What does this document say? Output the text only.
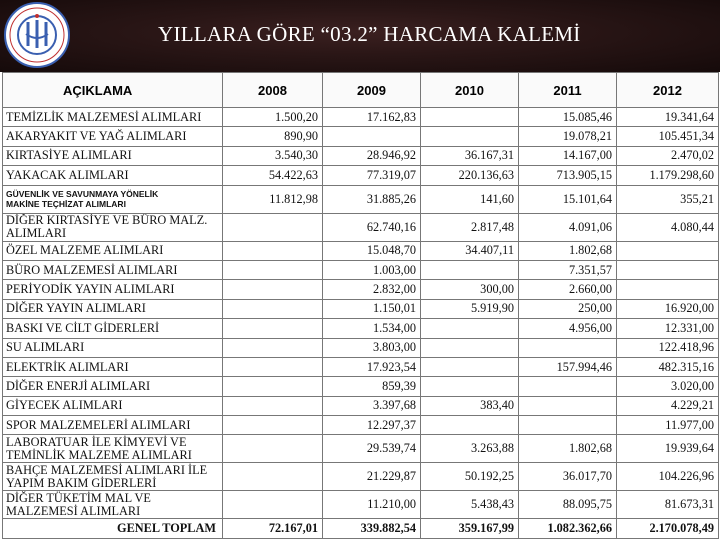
YILLARA GÖRE “03.2” HARCAMA KALEMİ
AÇIKLAMA	2008	2009	2010	2011	2012

TEMİZLİK MALZEMESİ ALIMLARI	1.500,20	17.162,83		15.085,46	19.341,64

AKARYAKIT VE YAĞ ALIMLARI	890,90			19.078,21	105.451,34

KIRTASİYE ALIMLARI	3.540,30	28.946,92	36.167,31	14.167,00	2.470,02

YAKACAK ALIMLARI	54.422,63	77.319,07	220.136,63	713.905,15	1.179.298,60

GÜVENLİK VE SAVUNMAYA YÖNELİK
MAKİNE TEÇHİZAT ALIMLARI	11.812,98	31.885,26	141,60	15.101,64	355,21

DİĞER KIRTASİYE VE BÜRO MALZ.
ALIMLARI		62.740,16	2.817,48	4.091,06	4.080,44

ÖZEL MALZEME ALIMLARI		15.048,70	34.407,11	1.802,68	

BÜRO MALZEMESİ ALIMLARI		1.003,00		7.351,57	

PERİYODİK YAYIN ALIMLARI		2.832,00	300,00	2.660,00	

DİĞER YAYIN ALIMLARI		1.150,01	5.919,90	250,00	16.920,00

BASKI VE CİLT GİDERLERİ		1.534,00		4.956,00	12.331,00

SU ALIMLARI		3.803,00			122.418,96

ELEKTRİK ALIMLARI		17.923,54		157.994,46	482.315,16

DİĞER ENERJİ ALIMLARI		859,39			3.020,00

GİYECEK ALIMLARI		3.397,68	383,40		4.229,21

SPOR MALZEMELERİ ALIMLARI		12.297,37			11.977,00

LABORATUAR İLE KİMYEVİ VE
TEMİNLİK MALZEME ALIMLARI		29.539,74	3.263,88	1.802,68	19.939,64

BAHÇE MALZEMESİ ALIMLARI İLE
YAPIM BAKIM GİDERLERİ		21.229,87	50.192,25	36.017,70	104.226,96

DİĞER TÜKETİM MAL VE
MALZEMESİ ALIMLARI		11.210,00	5.438,43	88.095,75	81.673,31
GENEL TOPLAM	72.167,01	339.882,54	359.167,99	1.082.362,66	2.170.078,49
